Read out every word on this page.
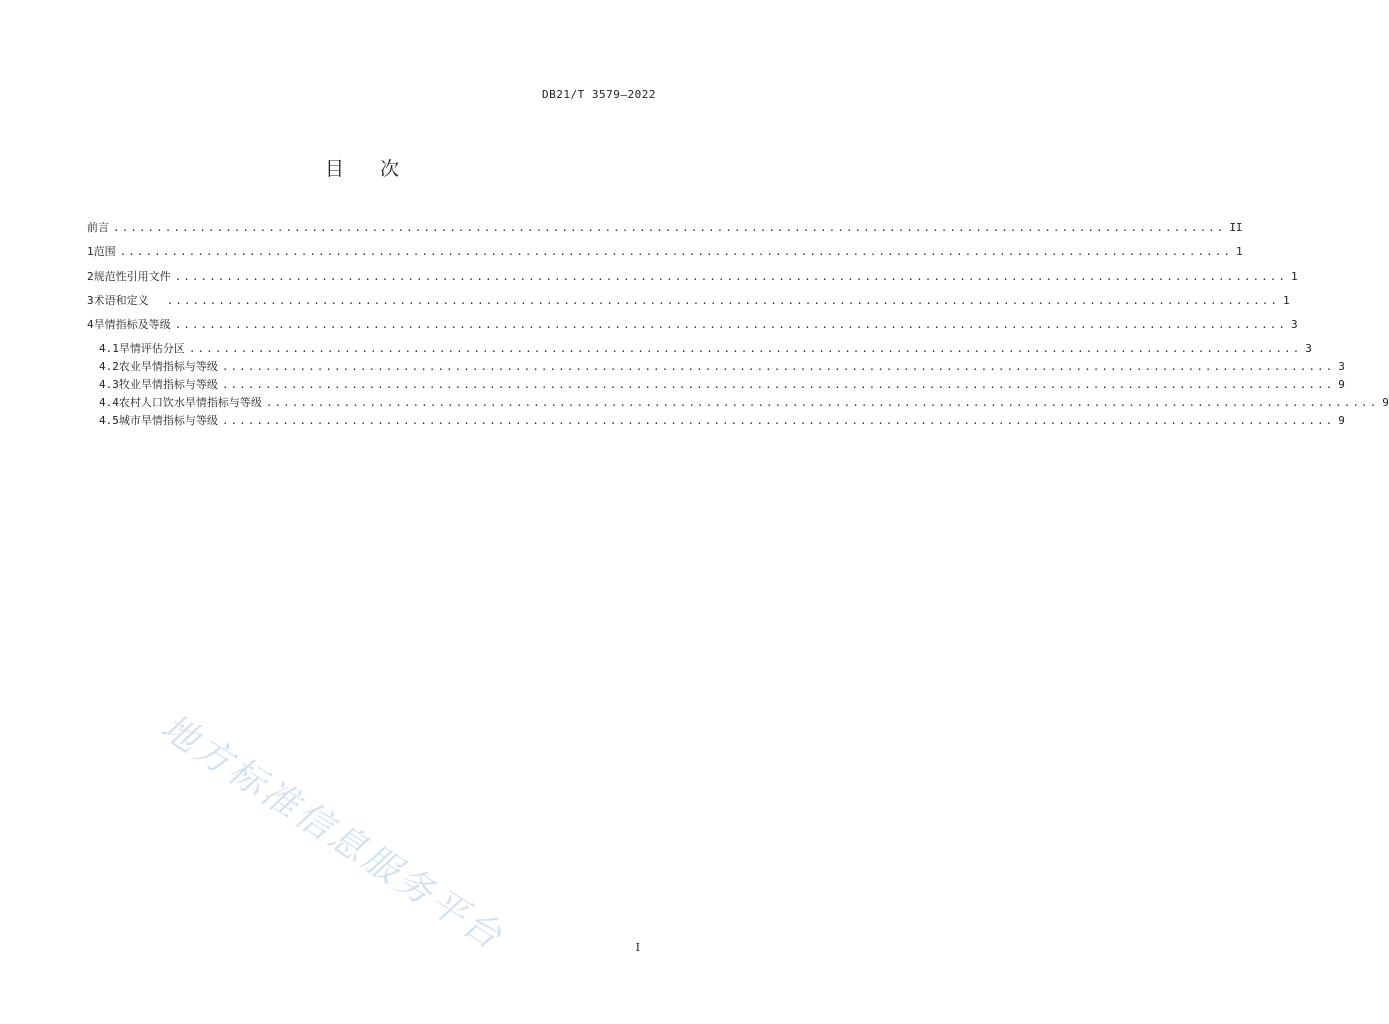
DB21/T 3579—2022
目 次
前言 ................................................................................................................................. II
1 范围 ................................................................................................................................. 1
2 规范性引用文件 ................................................................................................................................. 1
3 术语和定义 ................................................................................................................................. 1
4 旱情指标及等级 ................................................................................................................................. 3
4.1 旱情评估分区 ................................................................................................................................. 3
4.2 农业旱情指标与等级 ................................................................................................................................. 3
4.3 牧业旱情指标与等级 ................................................................................................................................. 9
4.4 农村人口饮水旱情指标与等级 ................................................................................................................................. 9
4.5 城市旱情指标与等级 ................................................................................................................................. 9
地方标准信息服务平台	I
